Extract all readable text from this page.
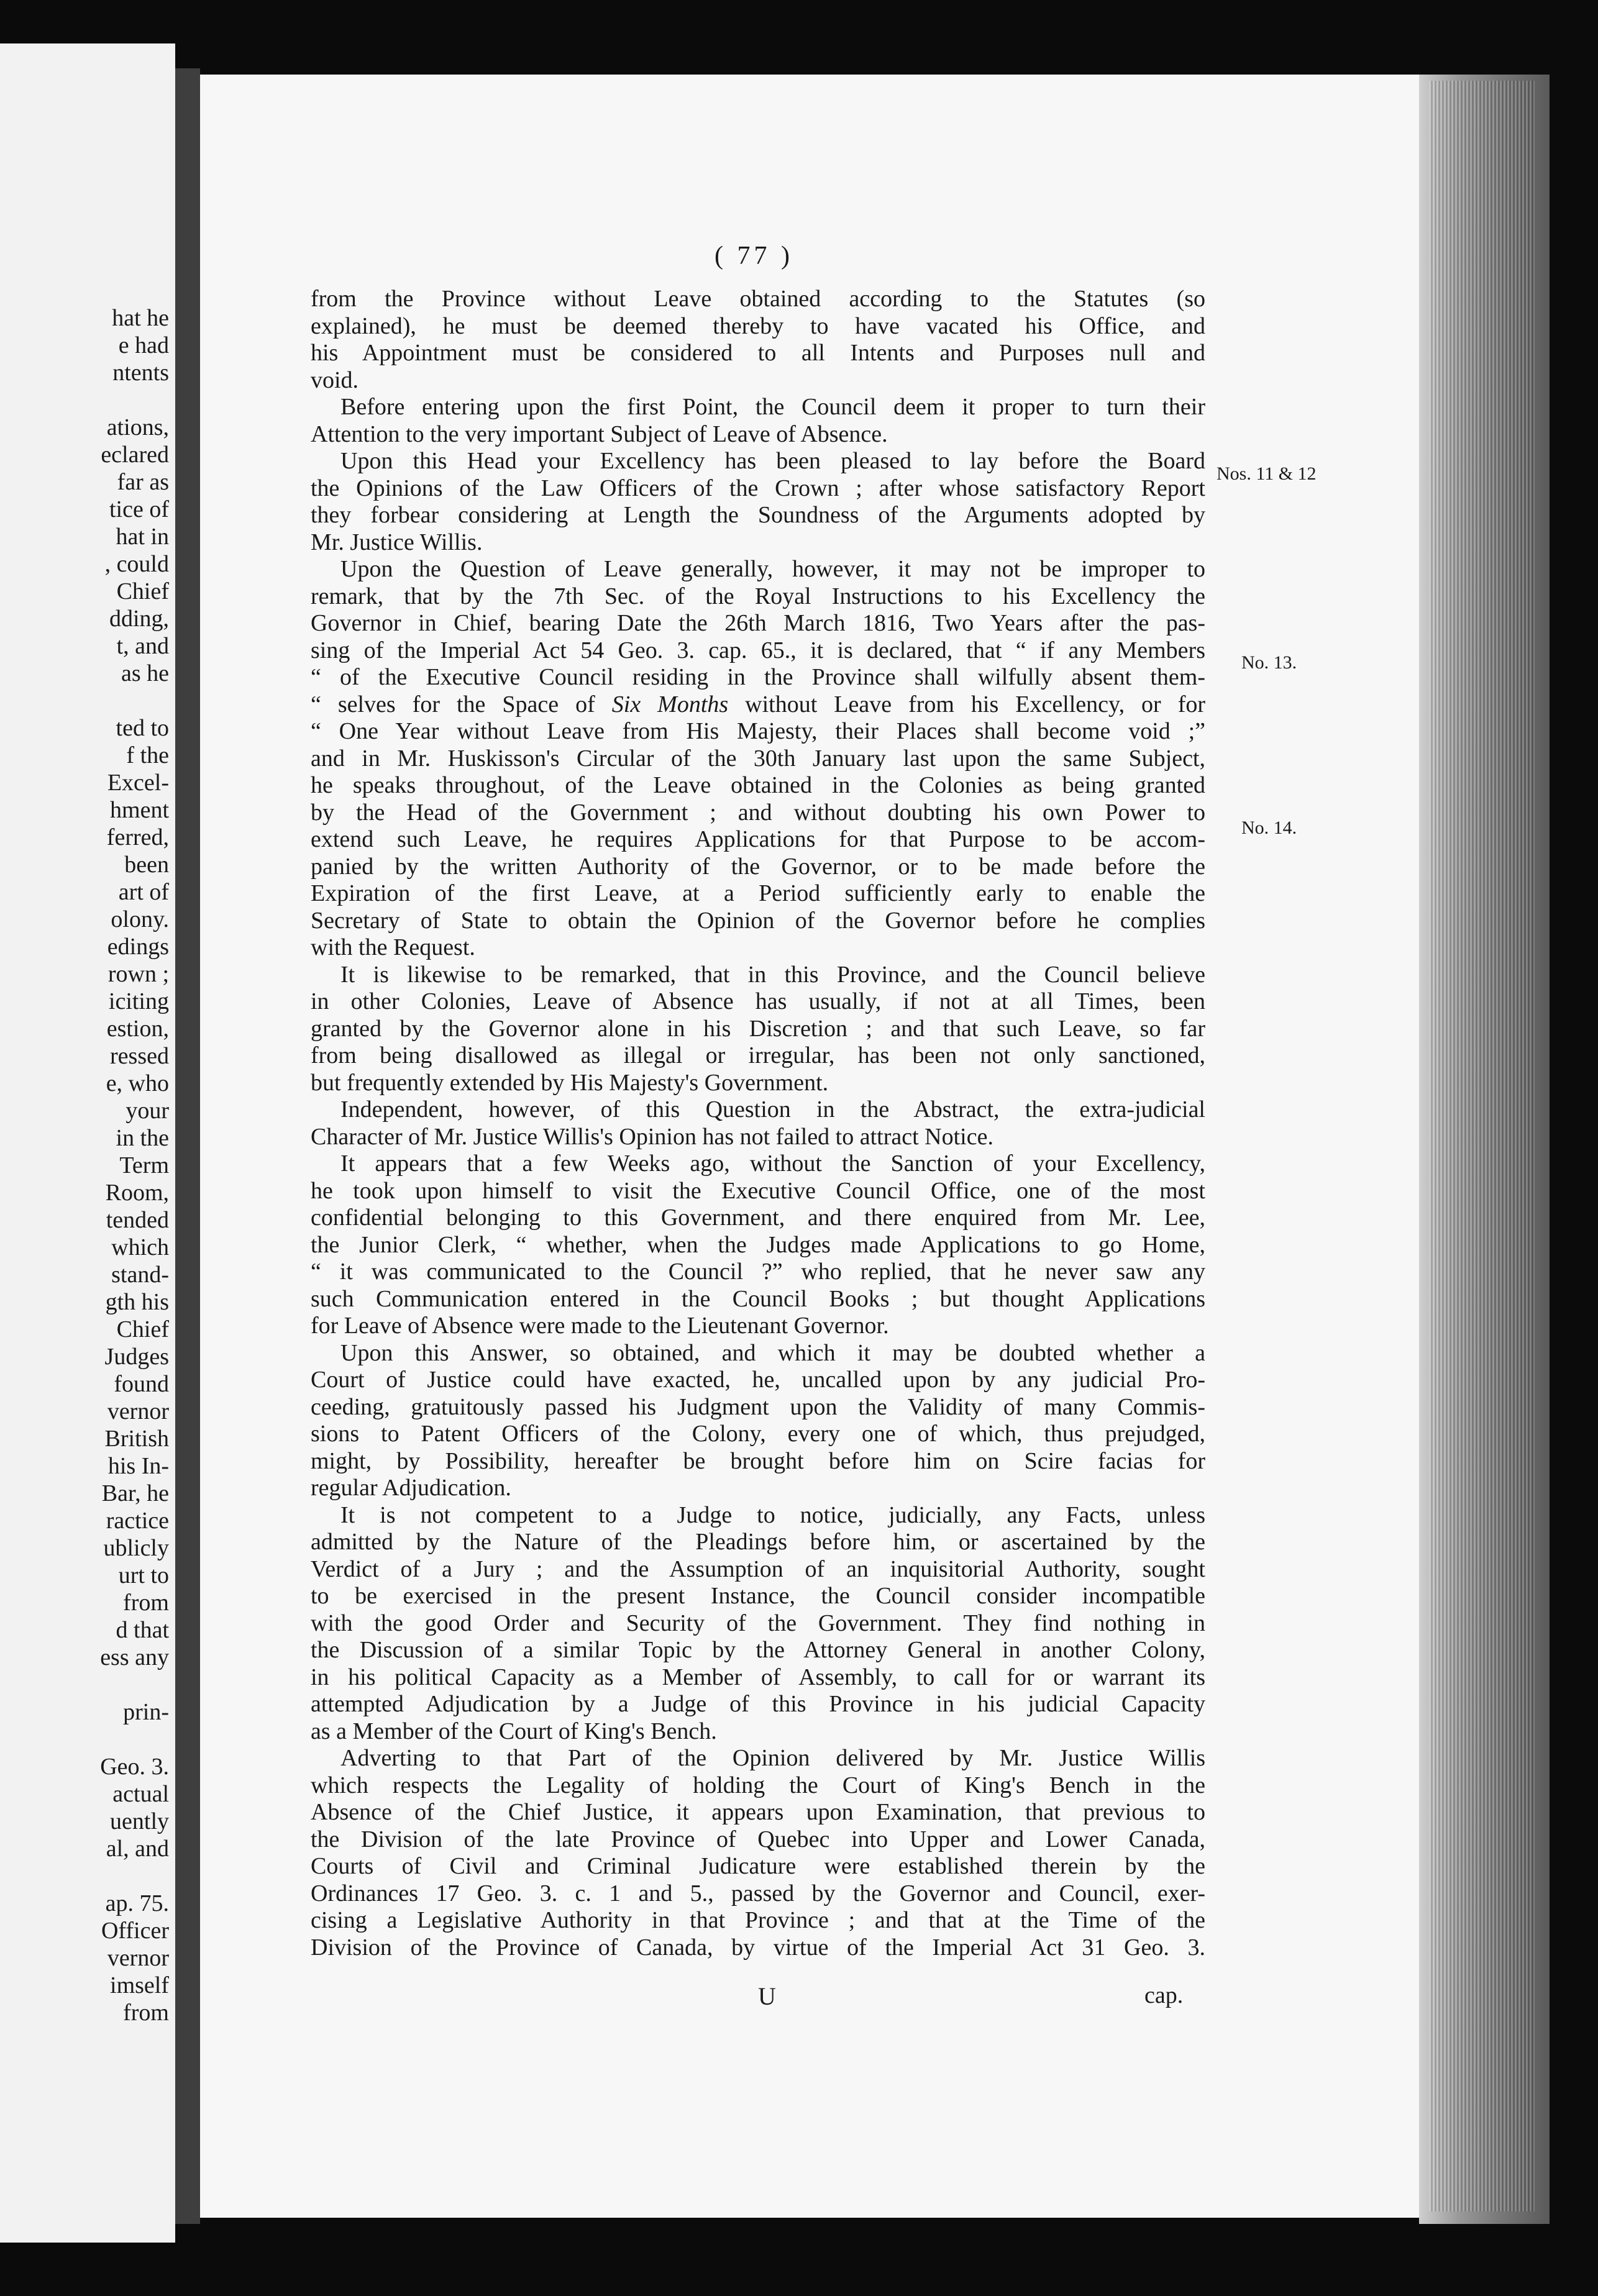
hat he
e had
ntents
ations,
eclared
far as
tice of
hat in
, could
Chief
dding,
t, and
as he
ted to
f the
Excel-
hment
ferred,
been
art of
olony.
edings
rown ;
iciting
estion,
ressed
e, who
your
in the
Term
Room,
tended
which
stand-
gth his
Chief
Judges
found
vernor
British
his In-
Bar, he
ractice
ublicly
urt to
from
d that
ess any
prin-
Geo. 3.
actual
uently
al, and
ap. 75.
Officer
vernor
imself
from
( 77 )
from the Province without Leave obtained according to the Statutes (so
explained), he must be deemed thereby to have vacated his Office, and
his Appointment must be considered to all Intents and Purposes null and
void.
Before entering upon the first Point, the Council deem it proper to turn their
Attention to the very important Subject of Leave of Absence.
Upon this Head your Excellency has been pleased to lay before the Board
the Opinions of the Law Officers of the Crown ; after whose satisfactory Report
they forbear considering at Length the Soundness of the Arguments adopted by
Mr. Justice Willis.
Upon the Question of Leave generally, however, it may not be improper to
remark, that by the 7th Sec. of the Royal Instructions to his Excellency the
Governor in Chief, bearing Date the 26th March 1816, Two Years after the pas-
sing of the Imperial Act 54 Geo. 3. cap. 65., it is declared, that “ if any Members
“ of the Executive Council residing in the Province shall wilfully absent them-
“ selves for the Space of Six Months without Leave from his Excellency, or for
“ One Year without Leave from His Majesty, their Places shall become void ;”
and in Mr. Huskisson's Circular of the 30th January last upon the same Subject,
he speaks throughout, of the Leave obtained in the Colonies as being granted
by the Head of the Government ; and without doubting his own Power to
extend such Leave, he requires Applications for that Purpose to be accom-
panied by the written Authority of the Governor, or to be made before the
Expiration of the first Leave, at a Period sufficiently early to enable the
Secretary of State to obtain the Opinion of the Governor before he complies
with the Request.
It is likewise to be remarked, that in this Province, and the Council believe
in other Colonies, Leave of Absence has usually, if not at all Times, been
granted by the Governor alone in his Discretion ; and that such Leave, so far
from being disallowed as illegal or irregular, has been not only sanctioned,
but frequently extended by His Majesty's Government.
Independent, however, of this Question in the Abstract, the extra-judicial
Character of Mr. Justice Willis's Opinion has not failed to attract Notice.
It appears that a few Weeks ago, without the Sanction of your Excellency,
he took upon himself to visit the Executive Council Office, one of the most
confidential belonging to this Government, and there enquired from Mr. Lee,
the Junior Clerk, “ whether, when the Judges made Applications to go Home,
“ it was communicated to the Council ?” who replied, that he never saw any
such Communication entered in the Council Books ; but thought Applications
for Leave of Absence were made to the Lieutenant Governor.
Upon this Answer, so obtained, and which it may be doubted whether a
Court of Justice could have exacted, he, uncalled upon by any judicial Pro-
ceeding, gratuitously passed his Judgment upon the Validity of many Commis-
sions to Patent Officers of the Colony, every one of which, thus prejudged,
might, by Possibility, hereafter be brought before him on Scire facias for
regular Adjudication.
It is not competent to a Judge to notice, judicially, any Facts, unless
admitted by the Nature of the Pleadings before him, or ascertained by the
Verdict of a Jury ; and the Assumption of an inquisitorial Authority, sought
to be exercised in the present Instance, the Council consider incompatible
with the good Order and Security of the Government. They find nothing in
the Discussion of a similar Topic by the Attorney General in another Colony,
in his political Capacity as a Member of Assembly, to call for or warrant its
attempted Adjudication by a Judge of this Province in his judicial Capacity
as a Member of the Court of King's Bench.
Adverting to that Part of the Opinion delivered by Mr. Justice Willis
which respects the Legality of holding the Court of King's Bench in the
Absence of the Chief Justice, it appears upon Examination, that previous to
the Division of the late Province of Quebec into Upper and Lower Canada,
Courts of Civil and Criminal Judicature were established therein by the
Ordinances 17 Geo. 3. c. 1 and 5., passed by the Governor and Council, exer-
cising a Legislative Authority in that Province ; and that at the Time of the
Division of the Province of Canada, by virtue of the Imperial Act 31 Geo. 3.
Nos. 11 & 12
No. 13.
No. 14.
U	cap.
